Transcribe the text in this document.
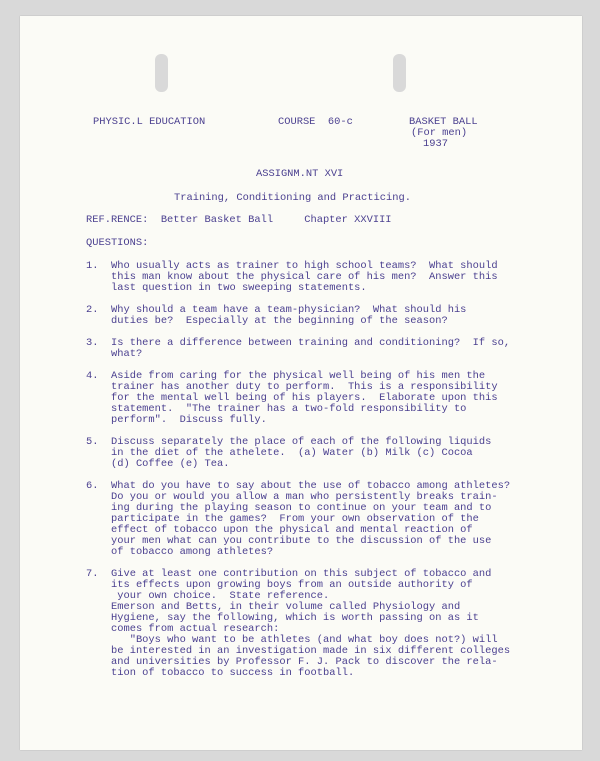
PHYSIC.L EDUCATION	COURSE  60-c	BASKET BALL
(For men)
1937
ASSIGNM.NT XVI
Training, Conditioning and Practicing.
REF.RENCE:  Better Basket Ball     Chapter XXVIII
QUESTIONS:
1. Who usually acts as trainer to high school teams?  What should
this man know about the physical care of his men?  Answer this
last question in two sweeping statements.
2. Why should a team have a team-physician?  What should his
duties be?  Especially at the beginning of the season?
3. Is there a difference between training and conditioning?  If so,
what?
4. Aside from caring for the physical well being of his men the
trainer has another duty to perform.  This is a responsibility
for the mental well being of his players.  Elaborate upon this
statement.  "The trainer has a two-fold responsibility to
perform".  Discuss fully.
5. Discuss separately the place of each of the following liquids
in the diet of the athelete.  (a) Water (b) Milk (c) Cocoa
(d) Coffee (e) Tea.
6. What do you have to say about the use of tobacco among athletes?
Do you or would you allow a man who persistently breaks train-
ing during the playing season to continue on your team and to
participate in the games?  From your own observation of the
effect of tobacco upon the physical and mental reaction of
your men what can you contribute to the discussion of the use
of tobacco among athletes?
7. Give at least one contribution on this subject of tobacco and
its effects upon growing boys from an outside authority of
your own choice.  State reference.
Emerson and Betts, in their volume called Physiology and
Hygiene, say the following, which is worth passing on as it
comes from actual research:
"Boys who want to be athletes (and what boy does not?) will
be interested in an investigation made in six different colleges
and universities by Professor F. J. Pack to discover the rela-
tion of tobacco to success in football.
